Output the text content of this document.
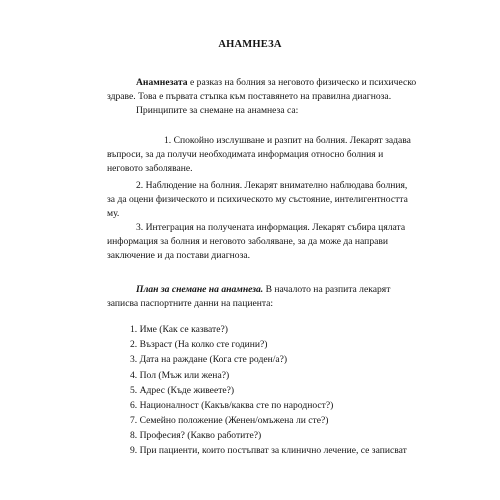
АНАМНЕЗА
Анамнезата е разказ на болния за неговото физическо и психическо
здраве. Това е първата стъпка към поставянето на правилна диагноза.
Принципите за снемане на анамнеза са:
1. Спокойно изслушване и разпит на болния. Лекарят задава
въпроси, за да получи необходимата информация относно болния и
неговото заболяване.
2. Наблюдение на болния. Лекарят внимателно наблюдава болния,
за да оцени физическото и психическото му състояние, интелигентността
му.
3. Интеграция на получената информация. Лекарят събира цялата
информация за болния и неговото заболяване, за да може да направи
заключение и да постави диагноза.
План за снемане на анамнеза. В началото на разпита лекарят
записва паспортните данни на пациента:
1. Име (Как се казвате?)
2. Възраст (На колко сте години?)
3. Дата на раждане (Кога сте роден/а?)
4. Пол (Мъж или жена?)
5. Адрес (Къде живеете?)
6. Националност (Какъв/каква сте по народност?)
7. Семейно положение (Женен/омъжена ли сте?)
8. Професия? (Какво работите?)
9. При пациенти, които постъпват за клинично лечение, се записват
